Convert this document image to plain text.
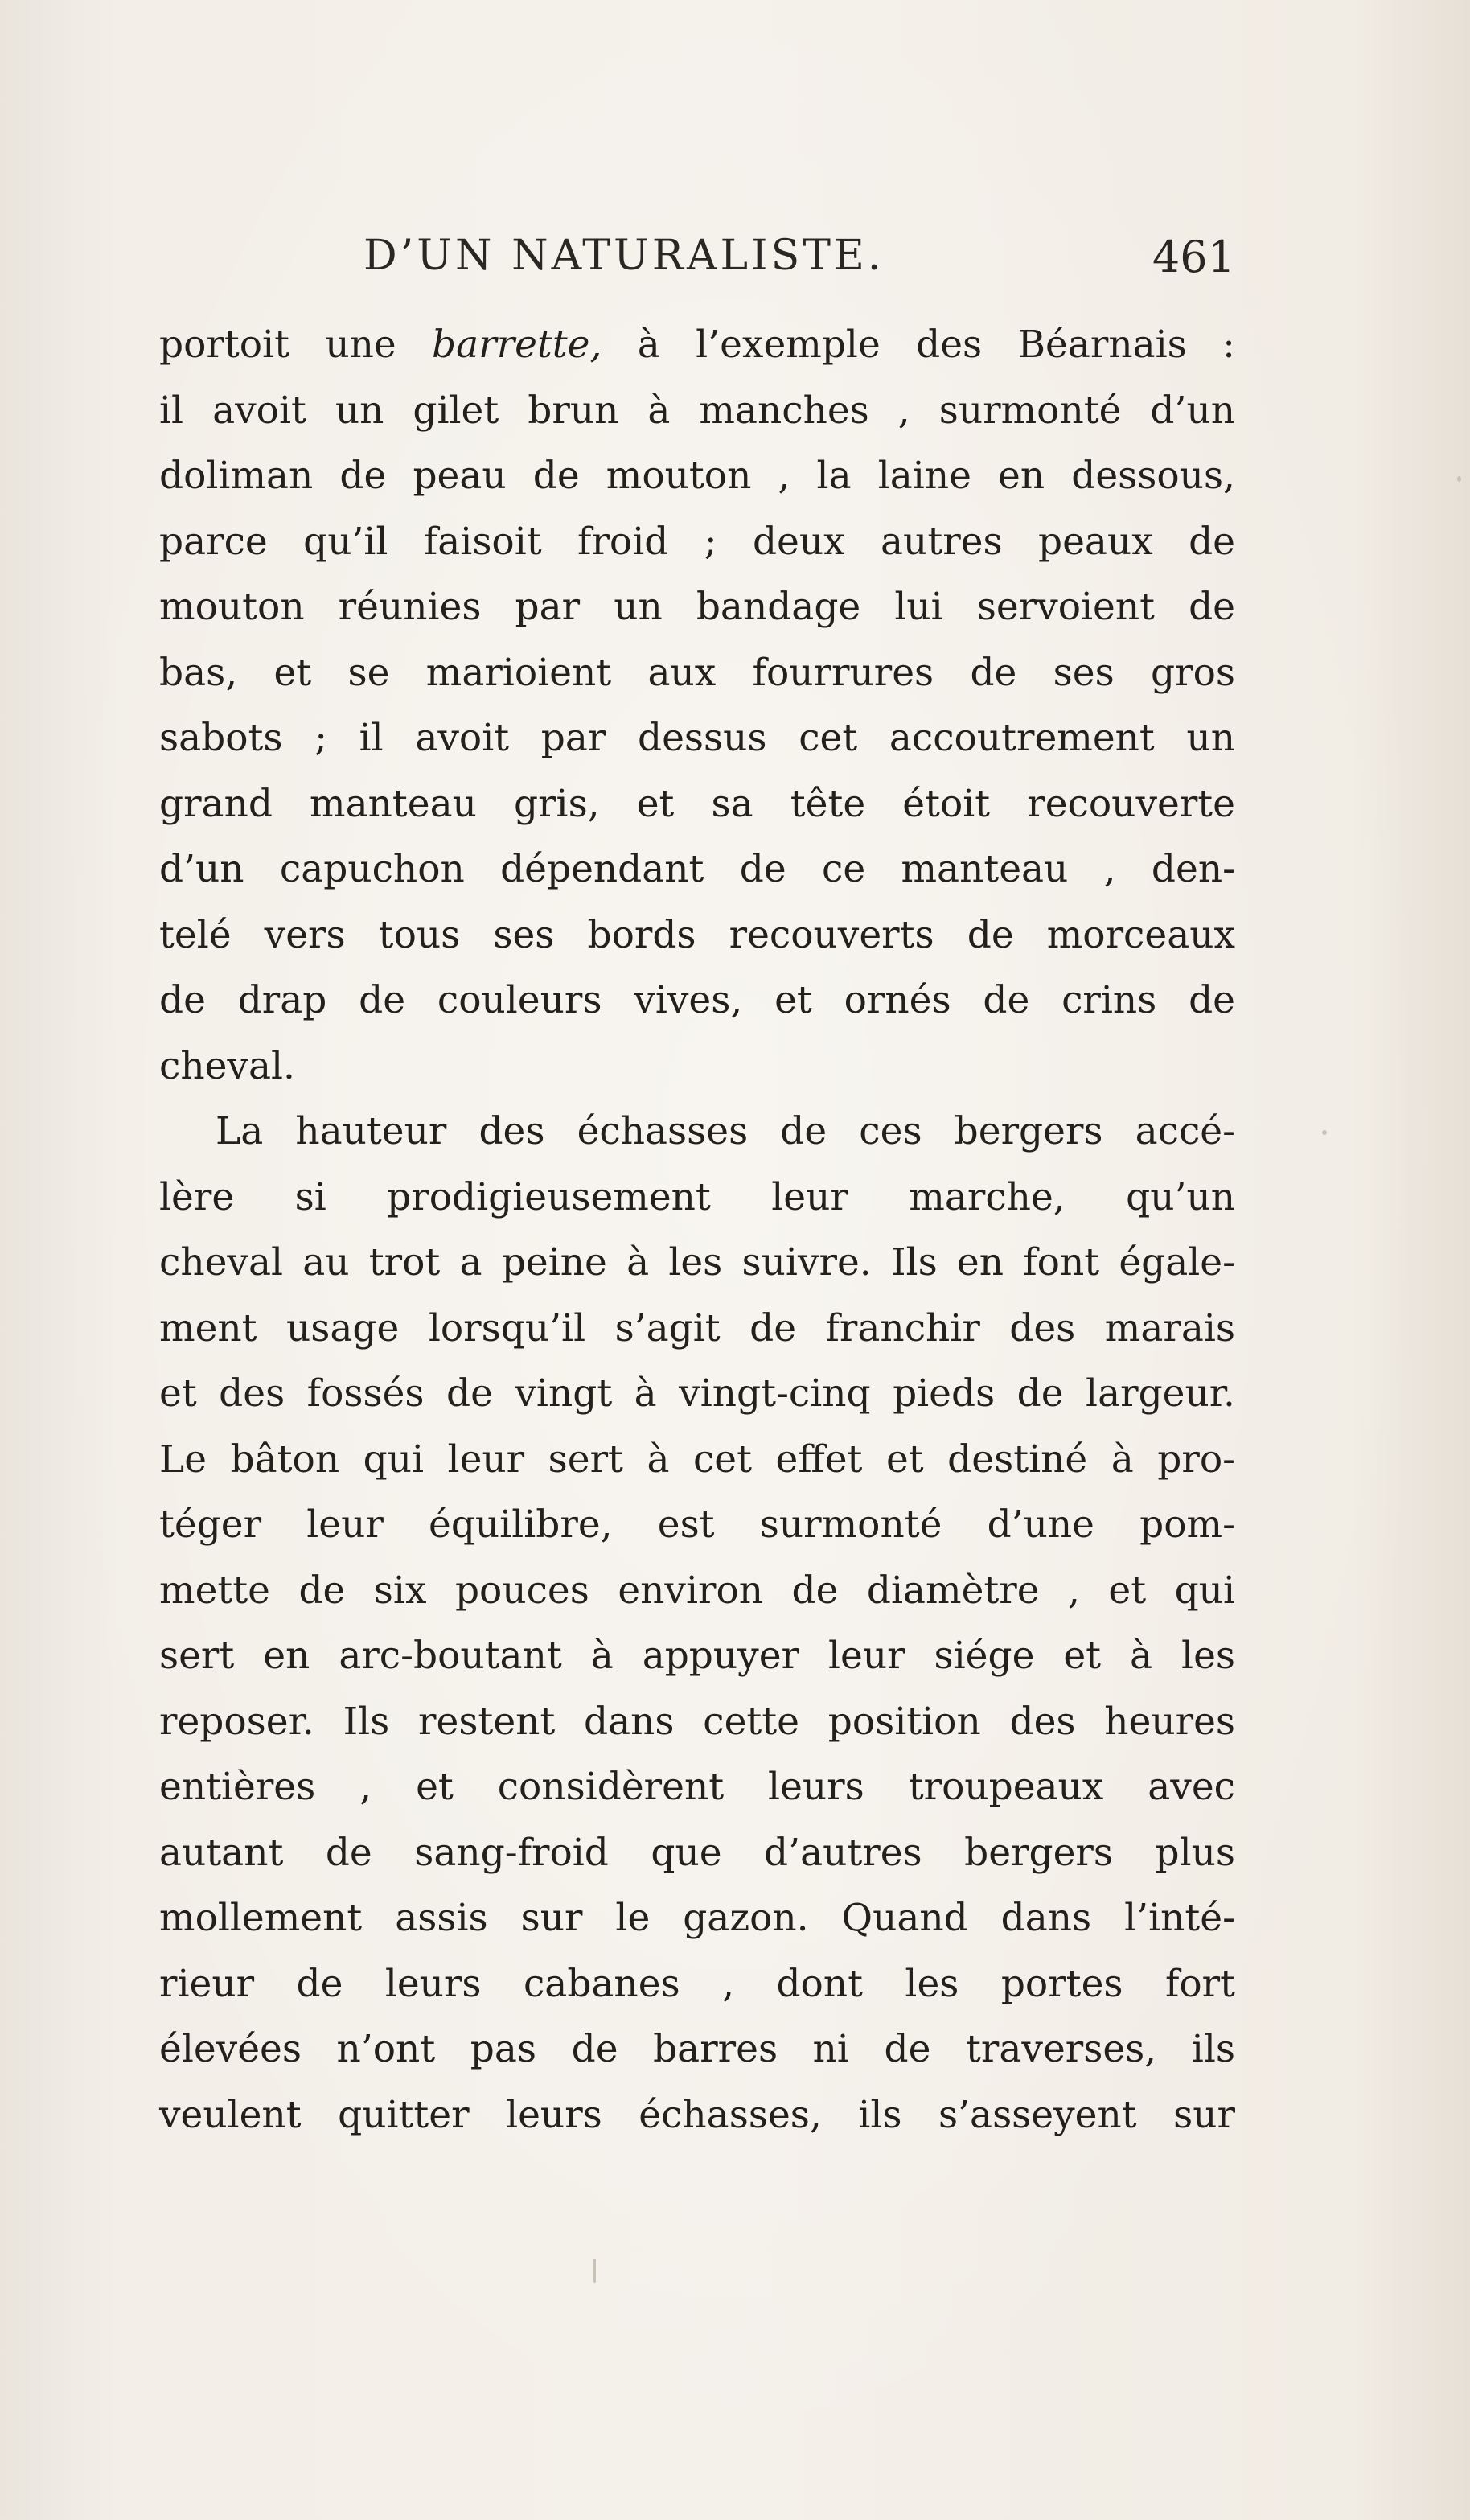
D’UN NATURALISTE.	461
portoit une barrette, à l’exemple des Béarnais :
il avoit un gilet brun à manches , surmonté d’un
doliman de peau de mouton , la laine en dessous,
parce qu’il faisoit froid ; deux autres peaux de
mouton réunies par un bandage lui servoient de
bas, et se marioient aux fourrures de ses gros
sabots ; il avoit par dessus cet accoutrement un
grand manteau gris, et sa tête étoit recouverte
d’un capuchon dépendant de ce manteau , den-
telé vers tous ses bords recouverts de morceaux
de drap de couleurs vives, et ornés de crins de
cheval.
La hauteur des échasses de ces bergers accé-
lère si prodigieusement leur marche, qu’un
cheval au trot a peine à les suivre. Ils en font égale-
ment usage lorsqu’il s’agit de franchir des marais
et des fossés de vingt à vingt-cinq pieds de largeur.
Le bâton qui leur sert à cet effet et destiné à pro-
téger leur équilibre, est surmonté d’une pom-
mette de six pouces environ de diamètre , et qui
sert en arc-boutant à appuyer leur siége et à les
reposer. Ils restent dans cette position des heures
entières , et considèrent leurs troupeaux avec
autant de sang-froid que d’autres bergers plus
mollement assis sur le gazon. Quand dans l’inté-
rieur de leurs cabanes , dont les portes fort
élevées n’ont pas de barres ni de traverses, ils
veulent quitter leurs échasses, ils s’asseyent sur
